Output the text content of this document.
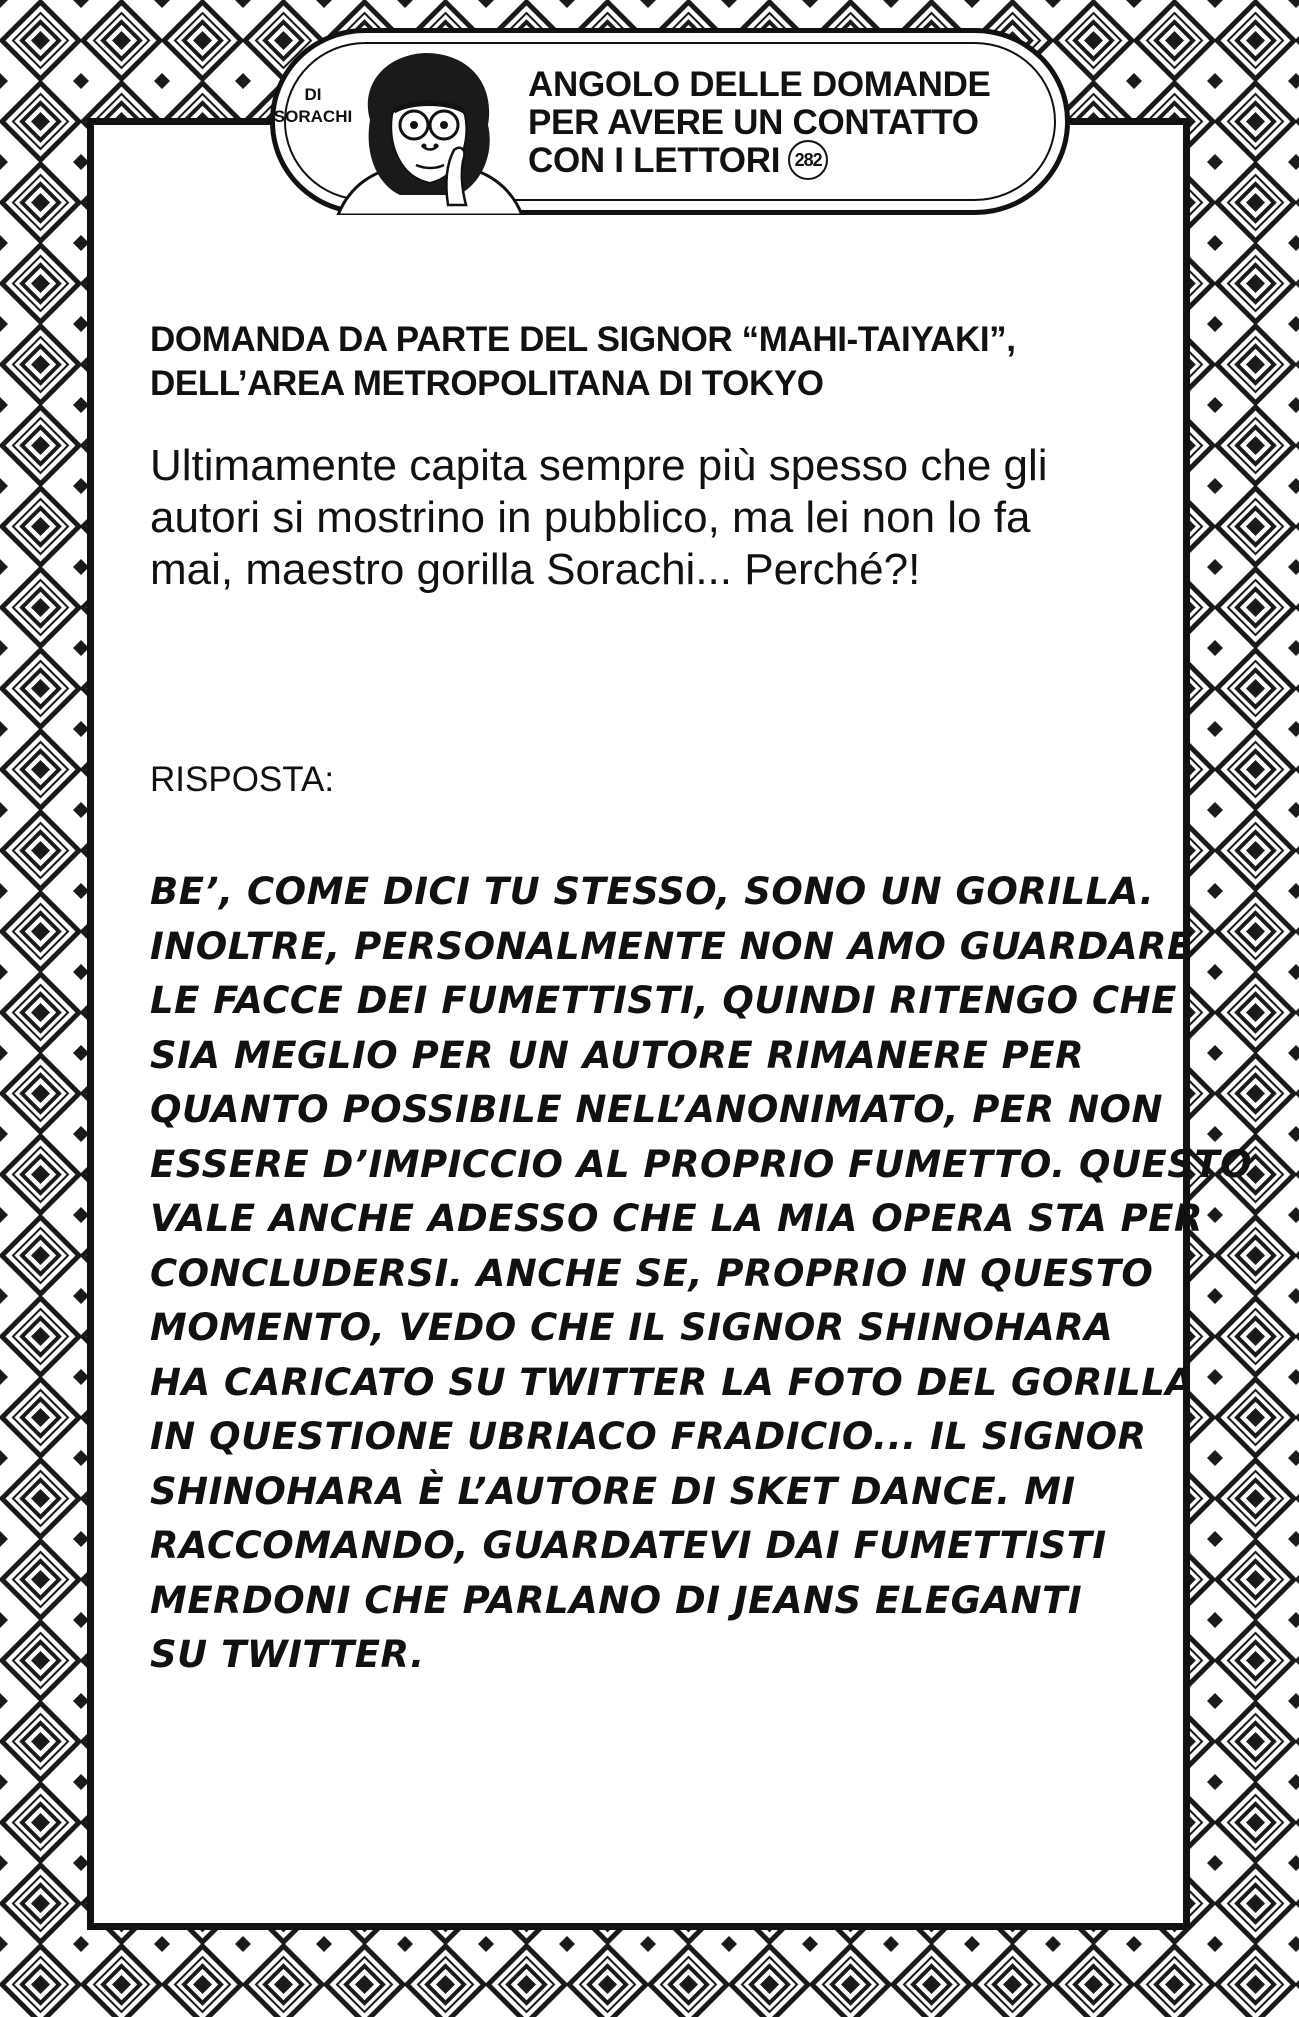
DI
SORACHI
ANGOLO DELLE DOMANDE
PER AVERE UN CONTATTO
CON I LETTORI 282
DOMANDA DA PARTE DEL SIGNOR “MAHI-TAIYAKI”,
DELL’AREA METROPOLITANA DI TOKYO
Ultimamente capita sempre più spesso che gli
autori si mostrino in pubblico, ma lei non lo fa
mai, maestro gorilla Sorachi... Perché?!
RISPOSTA:
BE’, COME DICI TU STESSO, SONO UN GORILLA.
INOLTRE, PERSONALMENTE NON AMO GUARDARE
LE FACCE DEI FUMETTISTI, QUINDI RITENGO CHE
SIA MEGLIO PER UN AUTORE RIMANERE PER
QUANTO POSSIBILE NELL’ANONIMATO, PER NON
ESSERE D’IMPICCIO AL PROPRIO FUMETTO. QUESTO
VALE ANCHE ADESSO CHE LA MIA OPERA STA PER
CONCLUDERSI. ANCHE SE, PROPRIO IN QUESTO
MOMENTO, VEDO CHE IL SIGNOR SHINOHARA
HA CARICATO SU TWITTER LA FOTO DEL GORILLA
IN QUESTIONE UBRIACO FRADICIO... IL SIGNOR
SHINOHARA È L’AUTORE DI SKET DANCE. MI
RACCOMANDO, GUARDATEVI DAI FUMETTISTI
MERDONI CHE PARLANO DI JEANS ELEGANTI
SU TWITTER.
